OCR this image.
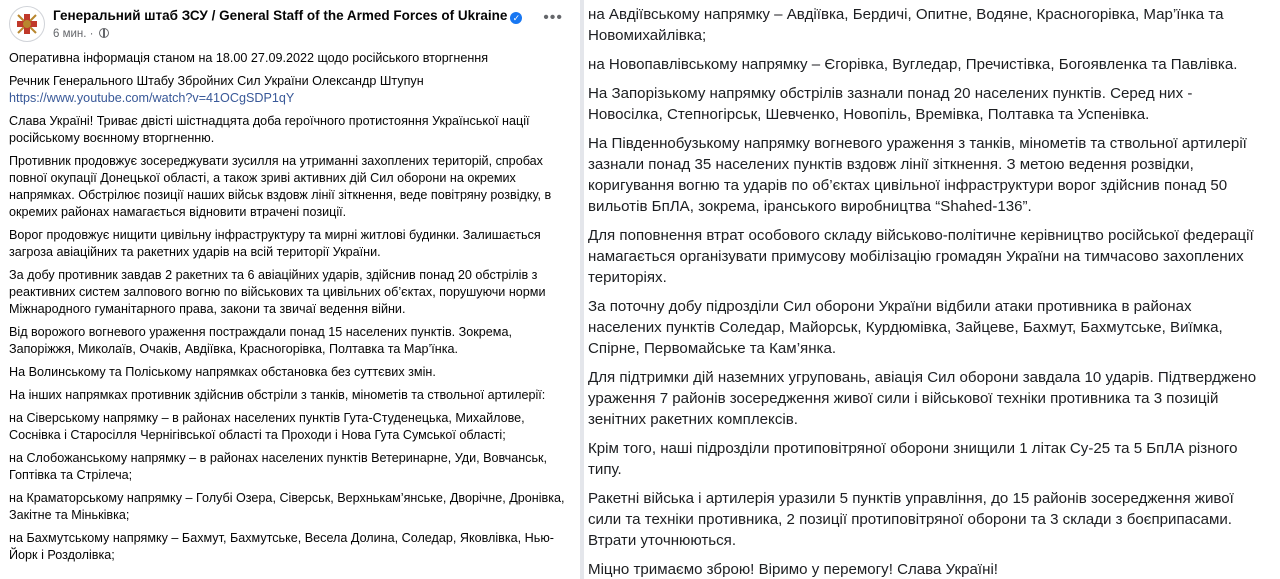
Генеральний штаб ЗСУ / General Staff of the Armed Forces of Ukraine ✓
6 мин. ·
•••

Оперативна інформація станом на 18.00 27.09.2022 щодо російського вторгнення

Речник Генерального Штабу Збройних Сил України Олександр Штупун
https://www.youtube.com/watch?v=41OCgSDP1qY

Слава Україні! Триває двісті шістнадцята доба героїчного протистояння Української нації російському воєнному вторгненню.

Противник продовжує зосереджувати зусилля на утриманні захоплених територій, спробах повної окупації Донецької області, а також зриві активних дій Сил оборони на окремих напрямках. Обстрілює позиції наших військ вздовж лінії зіткнення, веде повітряну розвідку, в окремих районах намагається відновити втрачені позиції.

Ворог продовжує нищити цивільну інфраструктуру та мирні житлові будинки. Залишається загроза авіаційних та ракетних ударів на всій території України.

За добу противник завдав 2 ракетних та 6 авіаційних ударів, здійснив понад 20 обстрілів з реактивних систем залпового вогню по військових та цивільних об’єктах, порушуючи норми Міжнародного гуманітарного права, закони та звичаї ведення війни.

Від ворожого вогневого ураження постраждали понад 15 населених пунктів. Зокрема, Запоріжжя, Миколаїв, Очаків, Авдіївка, Красногорівка, Полтавка та Мар’їнка.

На Волинському та Поліському напрямках обстановка без суттєвих змін.

На інших напрямках противник здійснив обстріли з танків, мінометів та ствольної артилерії:

на Сіверському напрямку – в районах населених пунктів Гута-Студенецька, Михайлове, Соснівка і Старосілля Чернігівської області та Проходи і Нова Гута Сумської області;

на Слобожанському напрямку – в районах населених пунктів Ветеринарне, Уди, Вовчанськ, Гоптівка та Стрілеча;

на Краматорському напрямку – Голубі Озера, Сіверськ, Верхнькам’янське, Дворічне, Дронівка, Закітне та Міньківка;

на Бахмутському напрямку – Бахмут, Бахмутське, Весела Долина, Соледар, Яковлівка, Нью-Йорк і Роздолівка;

на Авдіївському напрямку – Авдіївка, Бердичі, Опитне, Водяне, Красногорівка, Мар’їнка та Новомихайлівка;

на Новопавлівському напрямку – Єгорівка, Вугледар, Пречистівка, Богоявленка та Павлівка.

На Запорізькому напрямку обстрілів зазнали понад 20 населених пунктів. Серед них - Новосілка, Степногірськ, Шевченко, Новопіль, Времівка, Полтавка та Успенівка.

На Південнобузькому напрямку вогневого ураження з танків, мінометів та ствольної артилерії зазнали понад 35 населених пунктів вздовж лінії зіткнення. З метою ведення розвідки, коригування вогню та ударів по об’єктах цивільної інфраструктури ворог здійснив понад 50 вильотів БпЛА, зокрема, іранського виробництва “Shahed-136”.

Для поповнення втрат особового складу військово-політичне керівництво російської федерації намагається організувати примусову мобілізацію громадян України на тимчасово захоплених територіях.

За поточну добу підрозділи Сил оборони України відбили атаки противника в районах населених пунктів Соледар, Майорськ, Курдюмівка, Зайцеве, Бахмут, Бахмутське, Виїмка, Спірне, Первомайське та Кам’янка.

Для підтримки дій наземних угруповань, авіація Сил оборони завдала 10 ударів. Підтверджено ураження 7 районів зосередження живої сили і військової техніки противника та 3 позицій зенітних ракетних комплексів.

Крім того, наші підрозділи протиповітряної оборони знищили 1 літак Су-25 та 5 БпЛА різного типу.

Ракетні війська і артилерія уразили 5 пунктів управління, до 15 районів зосередження живої сили та техніки противника, 2 позиції протиповітряної оборони та 3 склади з боєприпасами. Втрати уточнюються.

Міцно тримаємо зброю! Віримо у перемогу! Слава Україні!
